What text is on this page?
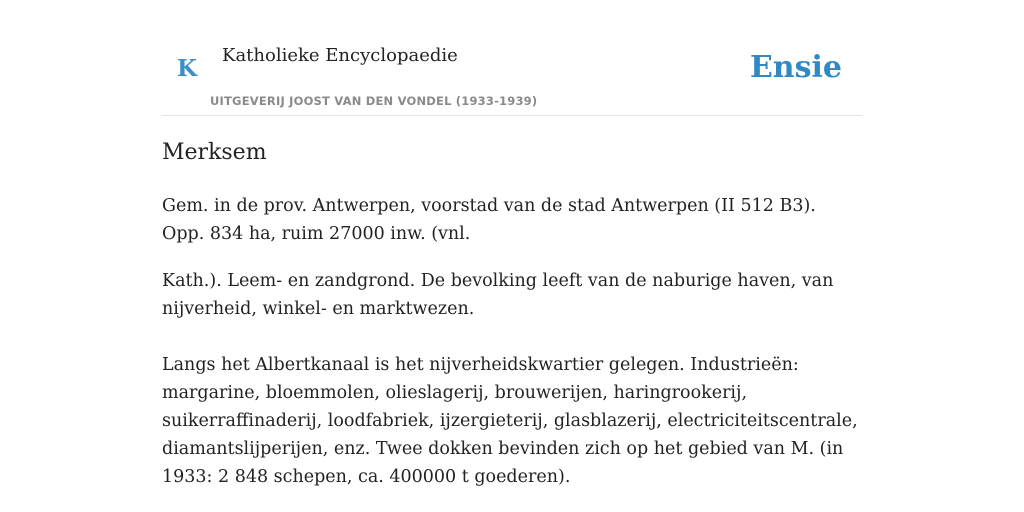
K Katholieke Encyclopaedie
UITGEVERIJ JOOST VAN DEN VONDEL (1933-1939)
Ensie
Merksem

Gem. in de prov. Antwerpen, voorstad van de stad Antwerpen (II 512 B3). Opp. 834 ha, ruim 27000 inw. (vnl.

Kath.). Leem- en zandgrond. De bevolking leeft van de naburige haven, van nijverheid, winkel- en marktwezen.

Langs het Albertkanaal is het nijverheidskwartier gelegen. Industrieën: margarine, bloemmolen, olieslagerij, brouwerijen, haringrookerij, suikerraffinaderij, loodfabriek, ijzergieterij, glasblazerij, electriciteitscentrale, diamantslijperijen, enz. Twee dokken bevinden zich op het gebied van M. (in 1933: 2 848 schepen, ca. 400000 t goederen).
